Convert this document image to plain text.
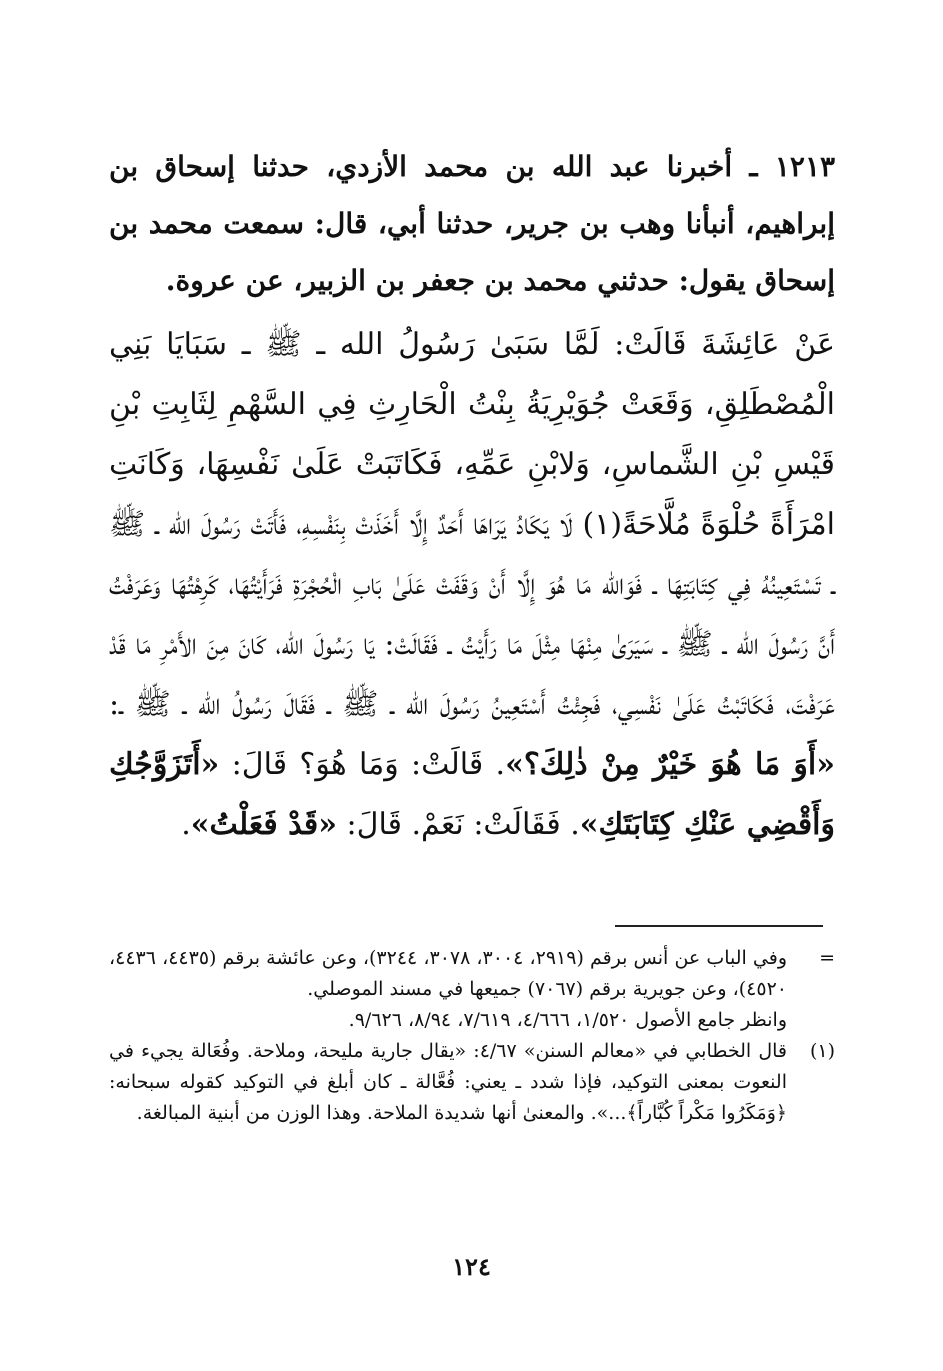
١٢١٣ ـ أخبرنا عبد الله بن محمد الأزدي، حدثنا إسحاق بن إبراهيم، أنبأنا وهب بن جرير، حدثنا أبي، قال: سمعت محمد بن إسحاق يقول: حدثني محمد بن جعفر بن الزبير، عن عروة.

عَنْ عَائِشَةَ قَالَتْ: لَمَّا سَبَىٰ رَسُولُ الله ـ ﷺ ـ سَبَايَا بَنِي الْمُصْطَلِقِ، وَقَعَتْ جُوَيْرِيَةُ بِنْتُ الْحَارِثِ فِي السَّهْمِ لِثَابِتِ بْنِ قَيْسِ بْنِ الشَّماسِ، وَلابْنِ عَمِّهِ، فَكَاتَبَتْ عَلَىٰ نَفْسِهَا، وَكَانَتِ امْرَأَةً حُلْوَةً مُلَّاحَةً(١) لَا يَكَادُ يَرَاهَا أَحَدٌ إِلَّا أَخَذَتْ بِنَفْسِهِ، فَأَتَتْ رَسُولَ الله ـ ﷺ ـ تَسْتَعِينُهُ فِي كِتَابَتِهَا ـ فَوَالله مَا هُوَ إِلَّا أَنْ وَقَفَتْ عَلَىٰ بَابِ الْحُجْرَةِ فَرَأَيْتُهَا، كَرِهْتُهَا وَعَرَفْتُ أَنَّ رَسُولَ الله ـ ﷺ ـ سَيَرَىٰ مِنْهَا مِثْلَ مَا رَأَيْتُ ـ فَقَالَتْ: يَا رَسُولَ الله، كَانَ مِنَ الأَمْرِ مَا قَدْ عَرَفْتَ، فَكَاتَبْتُ عَلَىٰ نَفْسِي، فَجِئْتُ أَسْتَعِينُ رَسُولَ الله ـ ﷺ ـ فَقَالَ رَسُولُ الله ـ ﷺ ـ: «أَوَ مَا هُوَ خَيْرٌ مِنْ ذٰلِكَ؟». قَالَتْ: وَمَا هُوَ؟ قَالَ: «أَتَزَوَّجُكِ وَأَقْضِي عَنْكِ كِتَابَتَكِ». فَقَالَتْ: نَعَمْ. قَالَ: «قَدْ فَعَلْتُ».

=
وفي الباب عن أنس برقم (٢٩١٩، ٣٠٠٤، ٣٠٧٨، ٣٢٤٤)، وعن عائشة برقم (٤٤٣٥، ٤٤٣٦، ٤٥٢٠)، وعن جويرية برقم (٧٠٦٧) جميعها في مسند الموصلي.

وانظر جامع الأصول ١/٥٢٠، ٤/٦٦٦، ٧/٦١٩، ٨/٩٤، ٩/٦٢٦.

(١)
قال الخطابي في «معالم السنن» ٤/٦٧: «يقال جارية مليحة، وملاحة. وفُعَالة يجيء في النعوت بمعنى التوكيد، فإذا شدد ـ يعني: فُعَّالة ـ كان أبلغ في التوكيد كقوله سبحانه: ﴿وَمَكَرُوا مَكْراً كُبَّاراً﴾...». والمعنىٰ أنها شديدة الملاحة. وهذا الوزن من أبنية المبالغة.

١٢٤
